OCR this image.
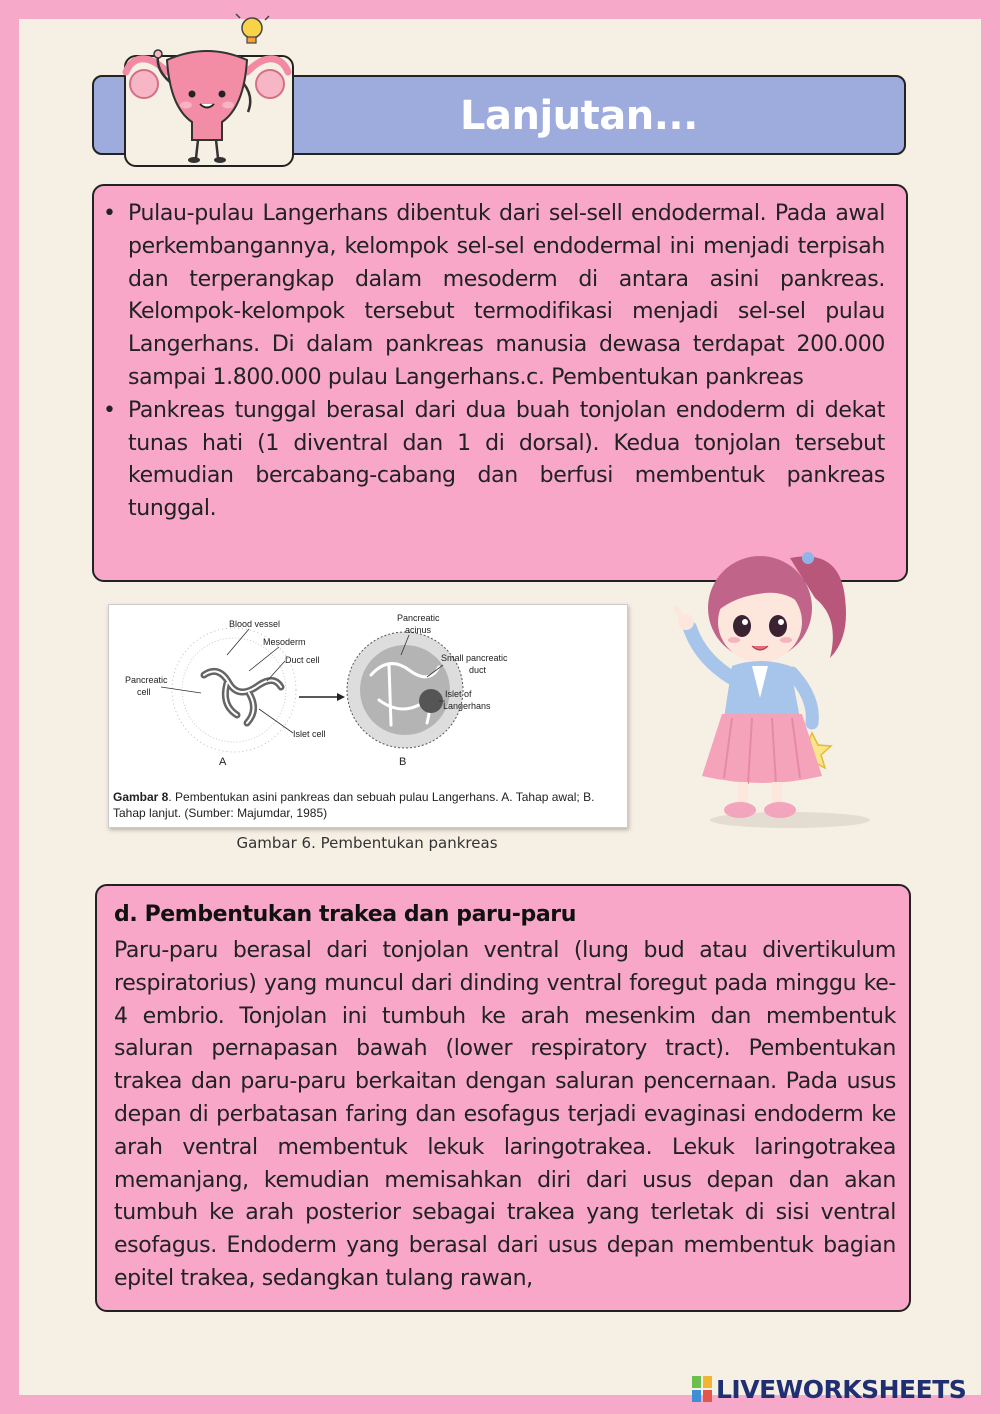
Lanjutan...
• Pulau-pulau Langerhans dibentuk dari sel-sell endodermal. Pada awal perkembangannya, kelompok sel-sel endodermal ini menjadi terpisah dan terperangkap dalam mesoderm di antara asini pankreas. Kelompok-kelompok tersebut termodifikasi menjadi sel-sel pulau Langerhans. Di dalam pankreas manusia dewasa terdapat 200.000 sampai 1.800.000 pulau Langerhans.c. Pembentukan pankreas
• Pankreas tunggal berasal dari dua buah tonjolan endoderm di dekat tunas hati (1 diventral dan 1 di dorsal). Kedua tonjolan tersebut kemudian bercabang-cabang dan berfusi membentuk pankreas tunggal.
Blood vessel
Mesoderm
Duct cell
Pancreatic
cell
Islet cell
A
Pancreatic
acinus
Small pancreatic
duct
Islet of
Langerhans
B
Gambar 8. Pembentukan asini pankreas dan sebuah pulau Langerhans. A. Tahap awal; B. Tahap lanjut. (Sumber: Majumdar, 1985)
Gambar 6. Pembentukan pankreas
d. Pembentukan trakea dan paru-paru
Paru-paru berasal dari tonjolan ventral (lung bud atau divertikulum respiratorius) yang muncul dari dinding ventral foregut pada minggu ke-4 embrio. Tonjolan ini tumbuh ke arah mesenkim dan membentuk saluran pernapasan bawah (lower respiratory tract). Pembentukan trakea dan paru-paru berkaitan dengan saluran pencernaan. Pada usus depan di perbatasan faring dan esofagus terjadi evaginasi endoderm ke arah ventral membentuk lekuk laringotrakea. Lekuk laringotrakea memanjang, kemudian memisahkan diri dari usus depan dan akan tumbuh ke arah posterior sebagai trakea yang terletak di sisi ventral esofagus. Endoderm yang berasal dari usus depan membentuk bagian epitel trakea, sedangkan tulang rawan,
LIVEWORKSHEETS
